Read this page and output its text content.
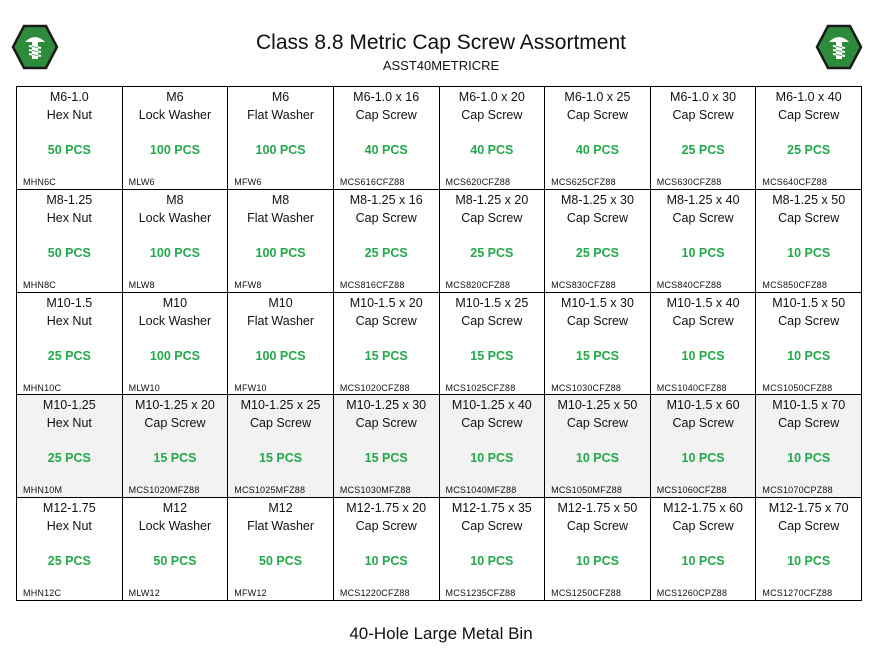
Class 8.8 Metric Cap Screw Assortment
ASST40METRICRE
M6-1.0
Hex Nut
50 PCS
MHN6C
M6
Lock Washer
100 PCS
MLW6
M6
Flat Washer
100 PCS
MFW6
M6-1.0 x 16
Cap Screw
40 PCS
MCS616CFZ88
M6-1.0 x 20
Cap Screw
40 PCS
MCS620CFZ88
M6-1.0 x 25
Cap Screw
40 PCS
MCS625CFZ88
M6-1.0 x 30
Cap Screw
25 PCS
MCS630CFZ88
M6-1.0 x 40
Cap Screw
25 PCS
MCS640CFZ88
M8-1.25
Hex Nut
50 PCS
MHN8C
M8
Lock Washer
100 PCS
MLW8
M8
Flat Washer
100 PCS
MFW8
M8-1.25 x 16
Cap Screw
25 PCS
MCS816CFZ88
M8-1.25 x 20
Cap Screw
25 PCS
MCS820CFZ88
M8-1.25 x 30
Cap Screw
25 PCS
MCS830CFZ88
M8-1.25 x 40
Cap Screw
10 PCS
MCS840CFZ88
M8-1.25 x 50
Cap Screw
10 PCS
MCS850CFZ88
M10-1.5
Hex Nut
25 PCS
MHN10C
M10
Lock Washer
100 PCS
MLW10
M10
Flat Washer
100 PCS
MFW10
M10-1.5 x 20
Cap Screw
15 PCS
MCS1020CFZ88
M10-1.5 x 25
Cap Screw
15 PCS
MCS1025CFZ88
M10-1.5 x 30
Cap Screw
15 PCS
MCS1030CFZ88
M10-1.5 x 40
Cap Screw
10 PCS
MCS1040CFZ88
M10-1.5 x 50
Cap Screw
10 PCS
MCS1050CFZ88
M10-1.25
Hex Nut
25 PCS
MHN10M
M10-1.25 x 20
Cap Screw
15 PCS
MCS1020MFZ88
M10-1.25 x 25
Cap Screw
15 PCS
MCS1025MFZ88
M10-1.25 x 30
Cap Screw
15 PCS
MCS1030MFZ88
M10-1.25 x 40
Cap Screw
10 PCS
MCS1040MFZ88
M10-1.25 x 50
Cap Screw
10 PCS
MCS1050MFZ88
M10-1.5 x 60
Cap Screw
10 PCS
MCS1060CFZ88
M10-1.5 x 70
Cap Screw
10 PCS
MCS1070CPZ88
M12-1.75
Hex Nut
25 PCS
MHN12C
M12
Lock Washer
50 PCS
MLW12
M12
Flat Washer
50 PCS
MFW12
M12-1.75 x 20
Cap Screw
10 PCS
MCS1220CFZ88
M12-1.75 x 35
Cap Screw
10 PCS
MCS1235CFZ88
M12-1.75 x 50
Cap Screw
10 PCS
MCS1250CFZ88
M12-1.75 x 60
Cap Screw
10 PCS
MCS1260CPZ88
M12-1.75 x 70
Cap Screw
10 PCS
MCS1270CFZ88
40-Hole Large Metal Bin
